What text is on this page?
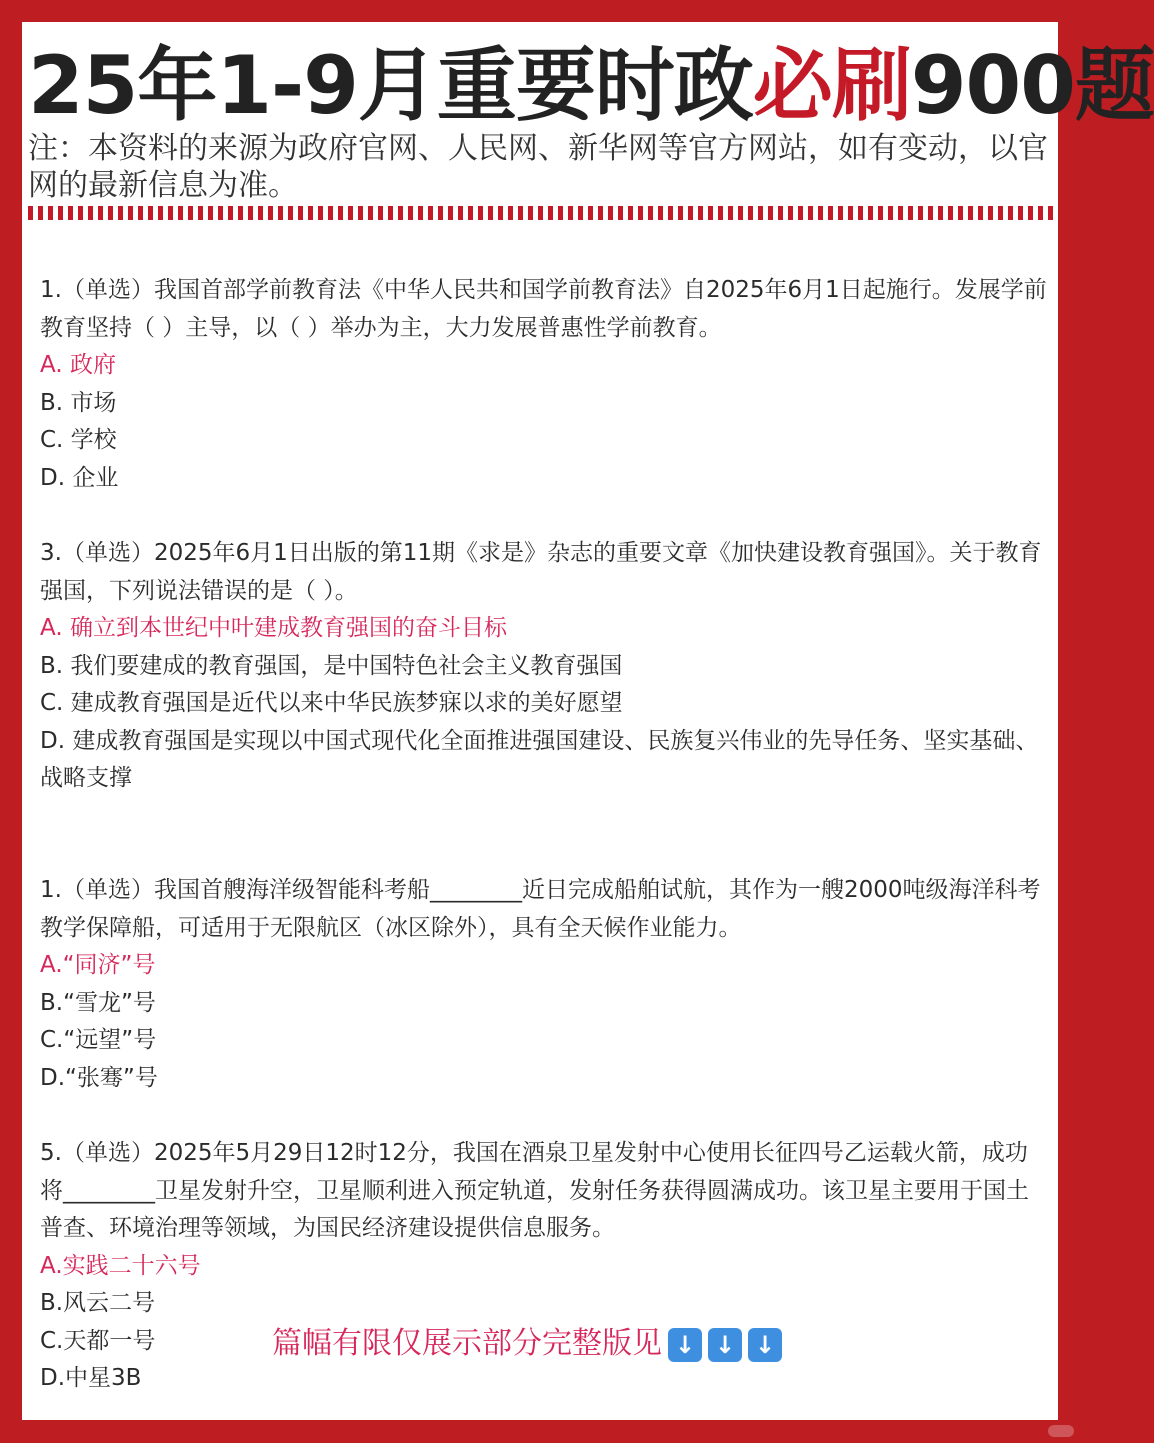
25年1-9月重要时政必刷900题
注：本资料的来源为政府官网、人民网、新华网等官方网站，如有变动，以官网的最新信息为准。

1.（单选）我国首部学前教育法《中华人民共和国学前教育法》自2025年6月1日起施行。发展学前教育坚持（ ）主导，以（ ）举办为主，大力发展普惠性学前教育。

A. 政府

B. 市场

C. 学校

D. 企业

3.（单选）2025年6月1日出版的第11期《求是》杂志的重要文章《加快建设教育强国》。关于教育强国，下列说法错误的是（ ）。

A. 确立到本世纪中叶建成教育强国的奋斗目标

B. 我们要建成的教育强国，是中国特色社会主义教育强国

C. 建成教育强国是近代以来中华民族梦寐以求的美好愿望

D. 建成教育强国是实现以中国式现代化全面推进强国建设、民族复兴伟业的先导任务、坚实基础、战略支撑

1.（单选）我国首艘海洋级智能科考船________近日完成船舶试航，其作为一艘2000吨级海洋科考教学保障船，可适用于无限航区（冰区除外），具有全天候作业能力。

A.“同济”号

B.“雪龙”号

C.“远望”号

D.“张骞”号

5.（单选）2025年5月29日12时12分，我国在酒泉卫星发射中心使用长征四号乙运载火箭，成功将________卫星发射升空，卫星顺利进入预定轨道，发射任务获得圆满成功。该卫星主要用于国土普查、环境治理等领域，为国民经济建设提供信息服务。

A.实践二十六号

B.风云二号

C.天都一号

D.中星3B

篇幅有限仅展示部分完整版见 ↓ ↓ ↓
